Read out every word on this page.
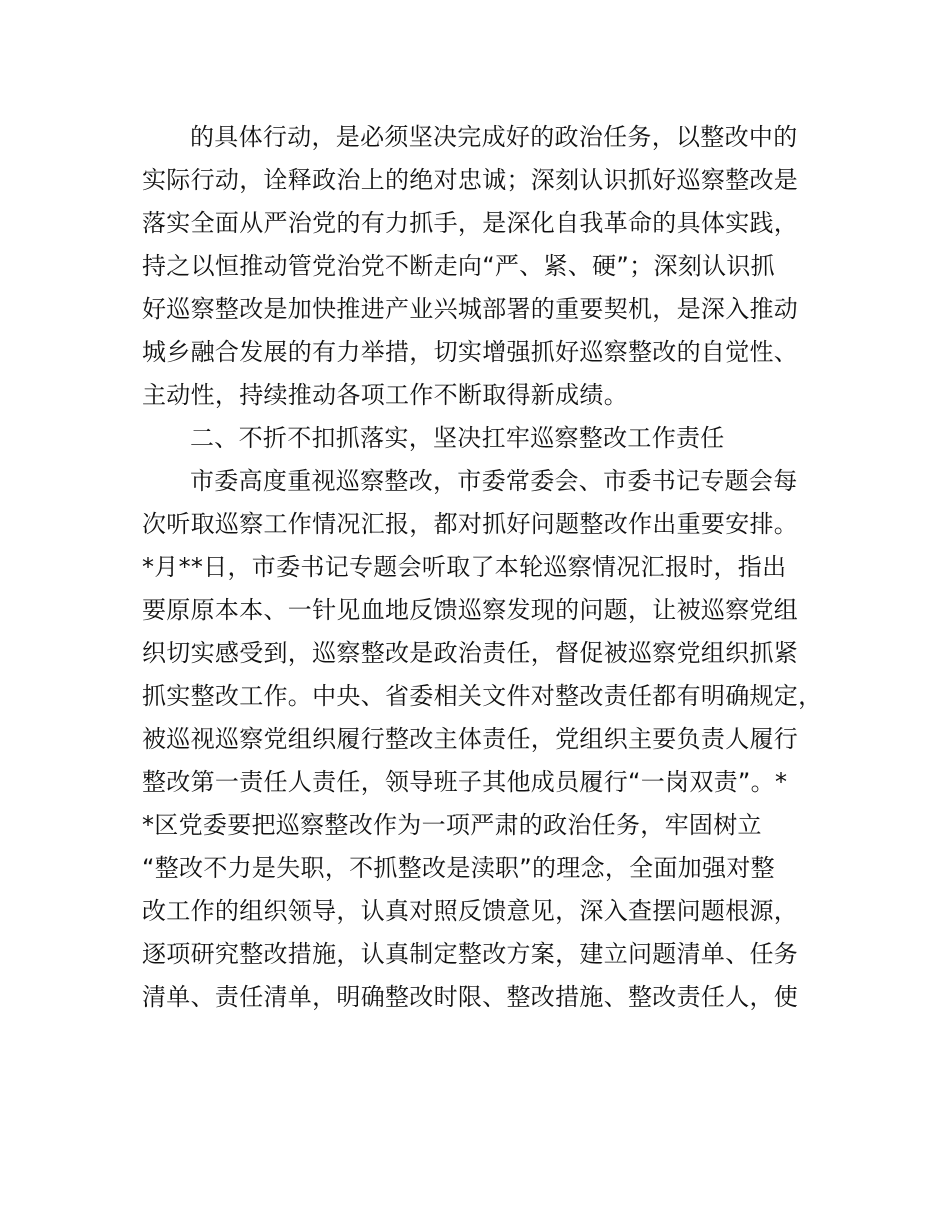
的具体行动，是必须坚决完成好的政治任务，以整改中的
实际行动，诠释政治上的绝对忠诚；深刻认识抓好巡察整改是
落实全面从严治党的有力抓手，是深化自我革命的具体实践，
持之以恒推动管党治党不断走向“严、紧、硬”；深刻认识抓
好巡察整改是加快推进产业兴城部署的重要契机，是深入推动
城乡融合发展的有力举措，切实增强抓好巡察整改的自觉性、
主动性，持续推动各项工作不断取得新成绩。
二、不折不扣抓落实，坚决扛牢巡察整改工作责任
市委高度重视巡察整改，市委常委会、市委书记专题会每
次听取巡察工作情况汇报，都对抓好问题整改作出重要安排。
*月**日，市委书记专题会听取了本轮巡察情况汇报时，指出
要原原本本、一针见血地反馈巡察发现的问题，让被巡察党组
织切实感受到，巡察整改是政治责任，督促被巡察党组织抓紧
抓实整改工作。中央、省委相关文件对整改责任都有明确规定，
被巡视巡察党组织履行整改主体责任，党组织主要负责人履行
整改第一责任人责任，领导班子其他成员履行“一岗双责”。*
*区党委要把巡察整改作为一项严肃的政治任务，牢固树立
“整改不力是失职，不抓整改是渎职”的理念，全面加强对整
改工作的组织领导，认真对照反馈意见，深入查摆问题根源，
逐项研究整改措施，认真制定整改方案，建立问题清单、任务
清单、责任清单，明确整改时限、整改措施、整改责任人，使
